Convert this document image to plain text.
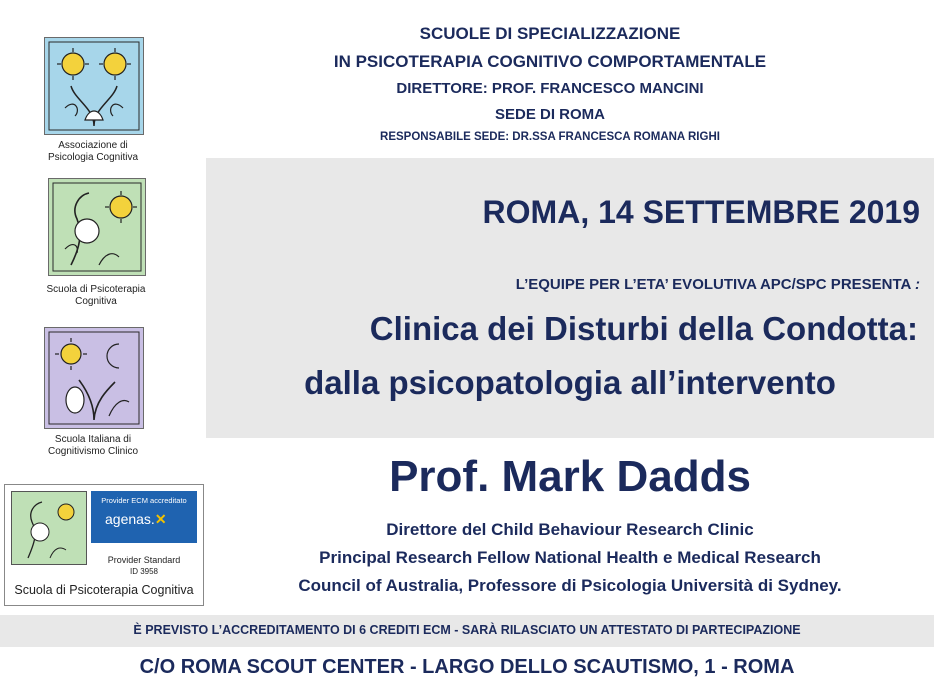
SCUOLE DI SPECIALIZZAZIONE
IN PSICOTERAPIA COGNITIVO COMPORTAMENTALE
DIRETTORE: PROF. FRANCESCO MANCINI
SEDE DI ROMA
RESPONSABILE SEDE: DR.SSA FRANCESCA ROMANA RIGHI
Associazione di
Psicologia Cognitiva
Scuola di Psicoterapia
Cognitiva
Scuola Italiana di
Cognitivismo Clinico
Provider ECM accreditato
agenas.✕
Provider Standard
ID 3958
Scuola di Psicoterapia Cognitiva
ROMA, 14 SETTEMBRE 2019
L’EQUIPE PER L’ETA’ EVOLUTIVA APC/SPC PRESENTA :
Clinica dei Disturbi della Condotta:
dalla psicopatologia all’intervento
Prof. Mark Dadds
Direttore del Child Behaviour Research Clinic
Principal Research Fellow National Health e Medical Research
Council of Australia, Professore di Psicologia Università di Sydney.
È PREVISTO L’ACCREDITAMENTO DI 6 CREDITI ECM - SARÀ RILASCIATO UN ATTESTATO DI PARTECIPAZIONE
C/O ROMA SCOUT CENTER - LARGO DELLO SCAUTISMO, 1 - ROMA
